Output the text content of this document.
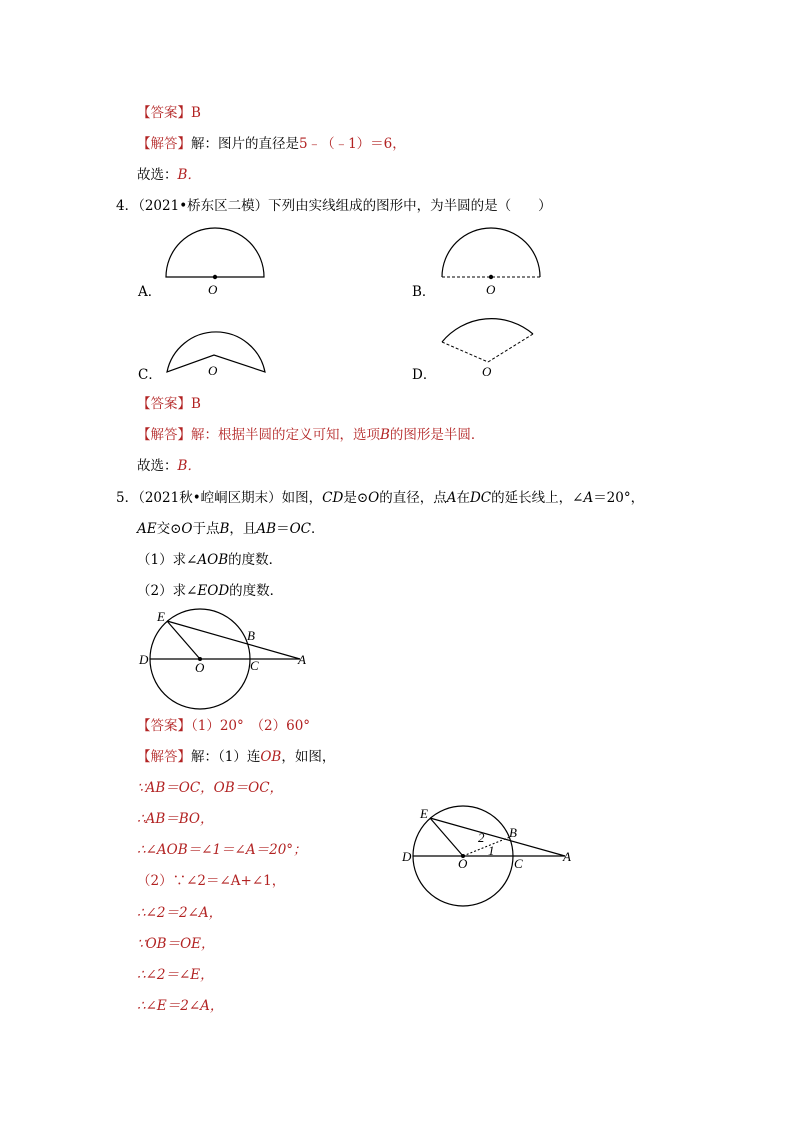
【答案】B
【解答】解：图片的直径是5﹣（﹣1）＝6，
故选：B．
4．（2021•桥东区二模）下列由实线组成的图形中，为半圆的是（　　）
O
A．	O
B．
O
C．	O
D．
【答案】B
【解答】解：根据半圆的定义可知，选项B的图形是半圆．
故选：B．
5．（2021秋•崆峒区期末）如图，CD是⊙O的直径，点A在DC的延长线上，∠A＝20°，
AE交⊙O于点B，且AB＝OC．
（1）求∠AOB的度数．
（2）求∠EOD的度数．
E
B
D
O	C	A
【答案】（1）20°　（2）60°
【解答】解：（1）连OB，如图，
∵AB＝OC，OB＝OC，
∴AB＝BO，
∴∠AOB＝∠1＝∠A＝20°；
（2）∵∠2＝∠A+∠1，
∴∠2＝2∠A，
∵OB＝OE，
∴∠2＝∠E，
∴∠E＝2∠A，
E
B
D	O	C	A
2
1
